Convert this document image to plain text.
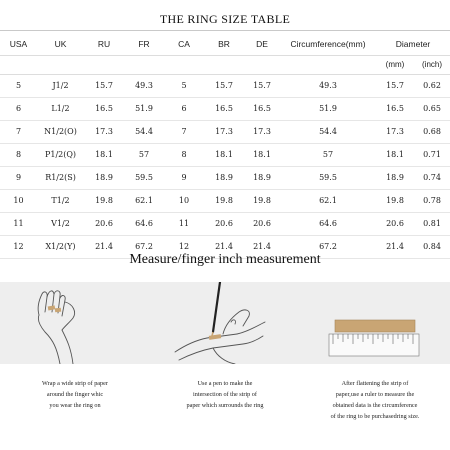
THE RING SIZE TABLE
USA	UK	RU	FR	CA	BR	DE	Circumference(mm)	Diameter	
								(mm)	(inch)
5	J1/2	15.7	49.3	5	15.7	15.7	49.3	15.7	0.62
6	L1/2	16.5	51.9	6	16.5	16.5	51.9	16.5	0.65
7	N1/2(O)	17.3	54.4	7	17.3	17.3	54.4	17.3	0.68
8	P1/2(Q)	18.1	57	8	18.1	18.1	57	18.1	0.71
9	R1/2(S)	18.9	59.5	9	18.9	18.9	59.5	18.9	0.74
10	T1/2	19.8	62.1	10	19.8	19.8	62.1	19.8	0.78
11	V1/2	20.6	64.6	11	20.6	20.6	64.6	20.6	0.81
12	X1/2(Y)	21.4	67.2	12	21.4	21.4	67.2	21.4	0.84
Measure/finger inch measurement
Wrap a wide strip of paper
around the finger whic
you wear the ring on
Use a pen to make the
intersection of the strip of
paper which surrounds the ring
After flattening the strip of
paper,use a ruler to measure the
obtained data is the circumference
of the ring to be purchasedring size.
